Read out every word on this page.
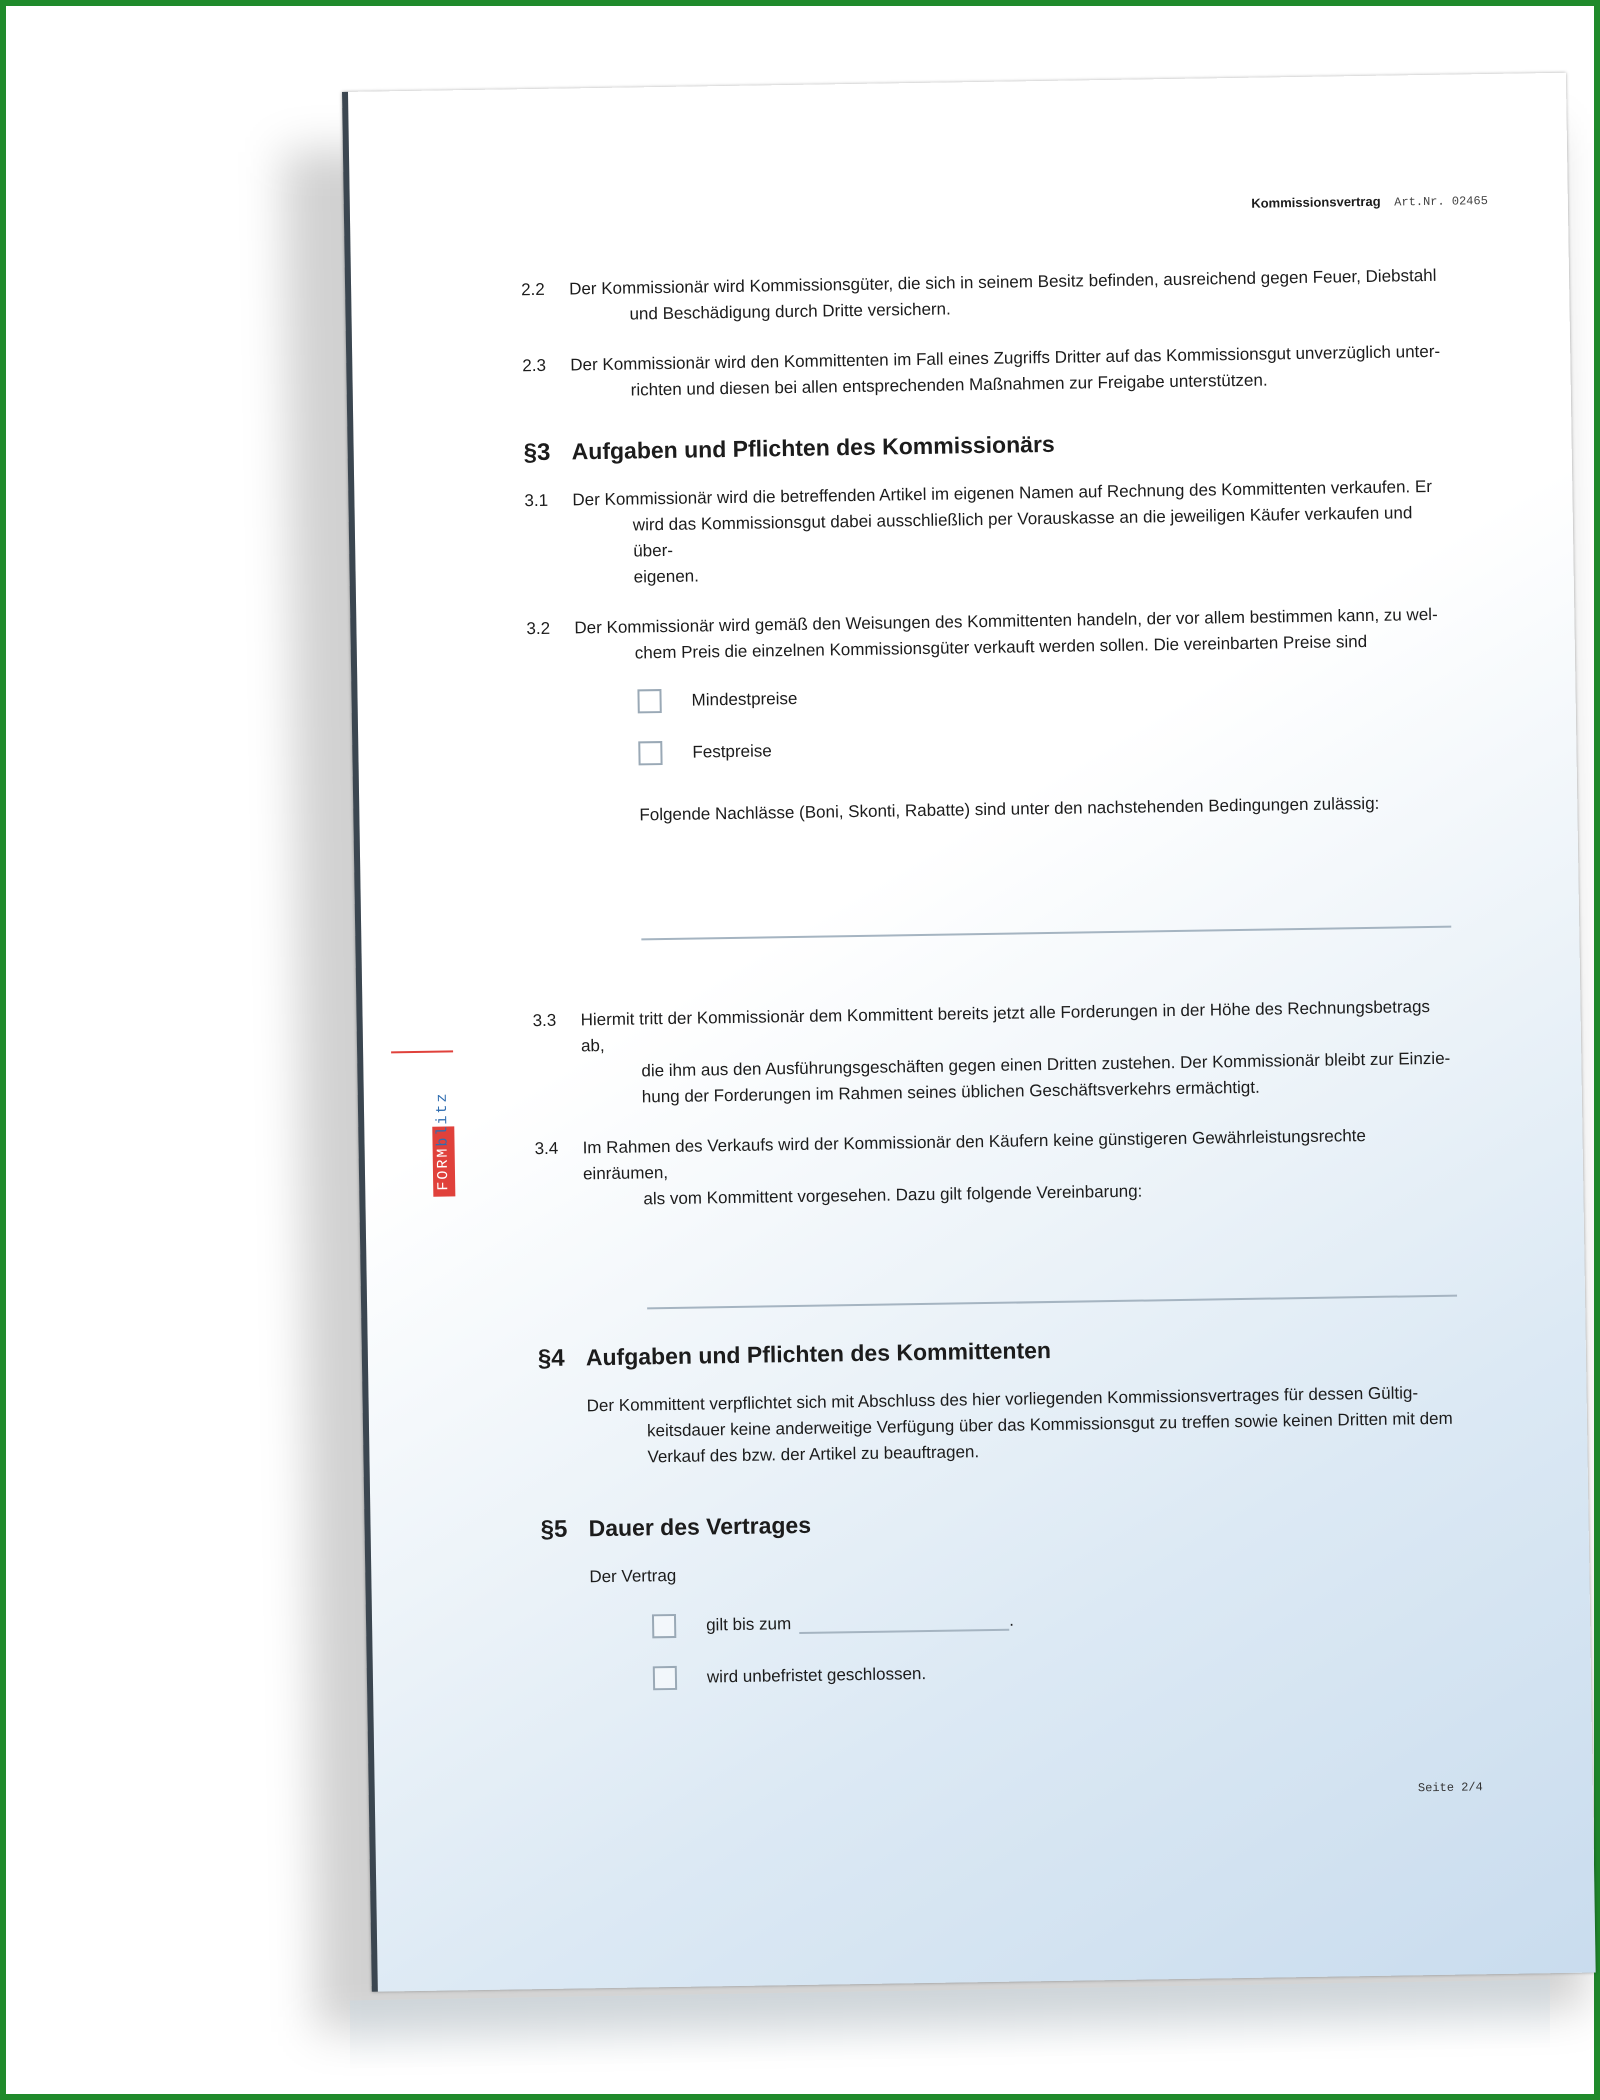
Kommissionsvertrag Art.Nr. 02465
FORMblitz
2.2	Der Kommissionär wird Kommissionsgüter, die sich in seinem Besitz befinden, ausreichend gegen Feuer, Diebstahl
und Beschädigung durch Dritte versichern.
2.3	Der Kommissionär wird den Kommittenten im Fall eines Zugriffs Dritter auf das Kommissionsgut unverzüglich unter-
richten und diesen bei allen entsprechenden Maßnahmen zur Freigabe unterstützen.
§3 Aufgaben und Pflichten des Kommissionärs
3.1	Der Kommissionär wird die betreffenden Artikel im eigenen Namen auf Rechnung des Kommittenten verkaufen. Er
wird das Kommissionsgut dabei ausschließlich per Vorauskasse an die jeweiligen Käufer verkaufen und über-
eigenen.
3.2	Der Kommissionär wird gemäß den Weisungen des Kommittenten handeln, der vor allem bestimmen kann, zu wel-
chem Preis die einzelnen Kommissionsgüter verkauft werden sollen. Die vereinbarten Preise sind
Mindestpreise
Festpreise
Folgende Nachlässe (Boni, Skonti, Rabatte) sind unter den nachstehenden Bedingungen zulässig:
3.3	Hiermit tritt der Kommissionär dem Kommittent bereits jetzt alle Forderungen in der Höhe des Rechnungsbetrags ab,
die ihm aus den Ausführungsgeschäften gegen einen Dritten zustehen. Der Kommissionär bleibt zur Einzie-
hung der Forderungen im Rahmen seines üblichen Geschäftsverkehrs ermächtigt.
3.4	Im Rahmen des Verkaufs wird der Kommissionär den Käufern keine günstigeren Gewährleistungsrechte einräumen,
als vom Kommittent vorgesehen. Dazu gilt folgende Vereinbarung:
§4 Aufgaben und Pflichten des Kommittenten
Der Kommittent verpflichtet sich mit Abschluss des hier vorliegenden Kommissionsvertrages für dessen Gültig-
keitsdauer keine anderweitige Verfügung über das Kommissionsgut zu treffen sowie keinen Dritten mit dem
Verkauf des bzw. der Artikel zu beauftragen.
§5 Dauer des Vertrages
Der Vertrag
gilt bis zum	.
wird unbefristet geschlossen.
Seite 2/4
